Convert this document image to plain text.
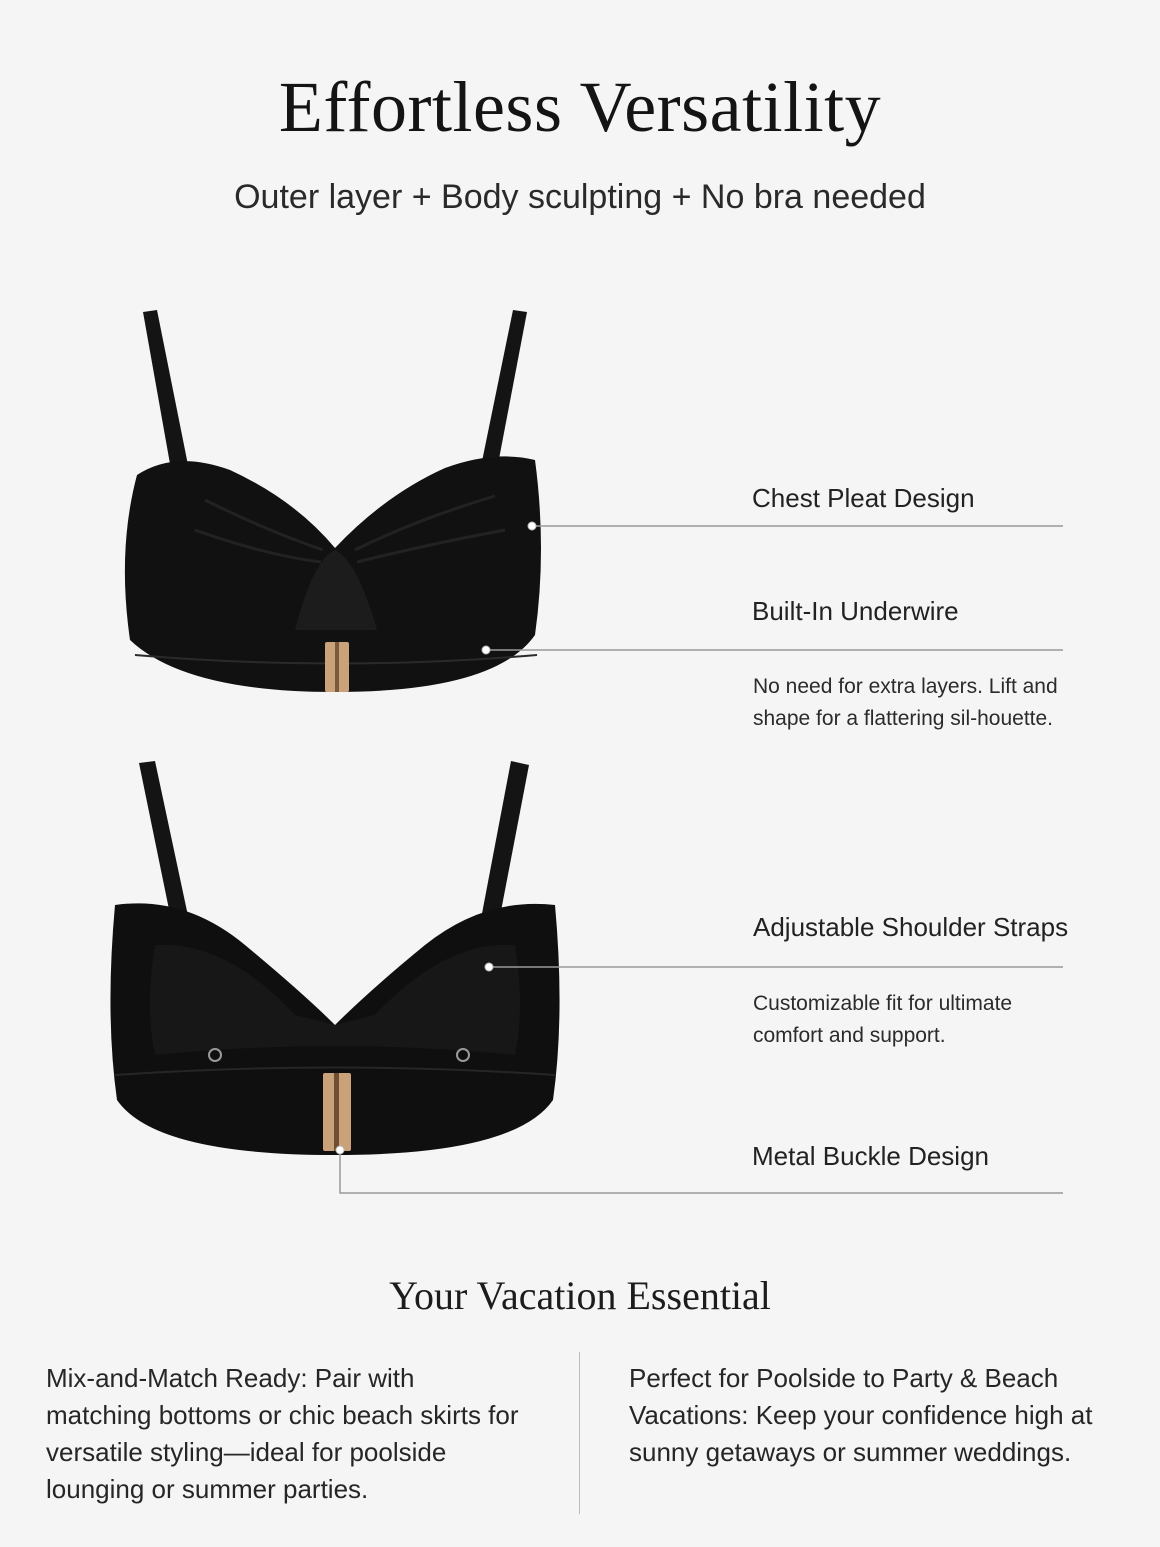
Effortless Versatility
Outer layer + Body sculpting + No bra needed
Chest Pleat Design
Built-In Underwire
No need for extra layers. Lift and shape for a flattering sil-houette.
Adjustable Shoulder Straps
Customizable fit for ultimate comfort and support.
Metal Buckle Design
Your Vacation Essential
Mix-and-Match Ready: Pair with matching bottoms or chic beach skirts for versatile styling—ideal for poolside lounging or summer parties.
Perfect for Poolside to Party & Beach Vacations: Keep your confidence high at sunny getaways or summer weddings.
